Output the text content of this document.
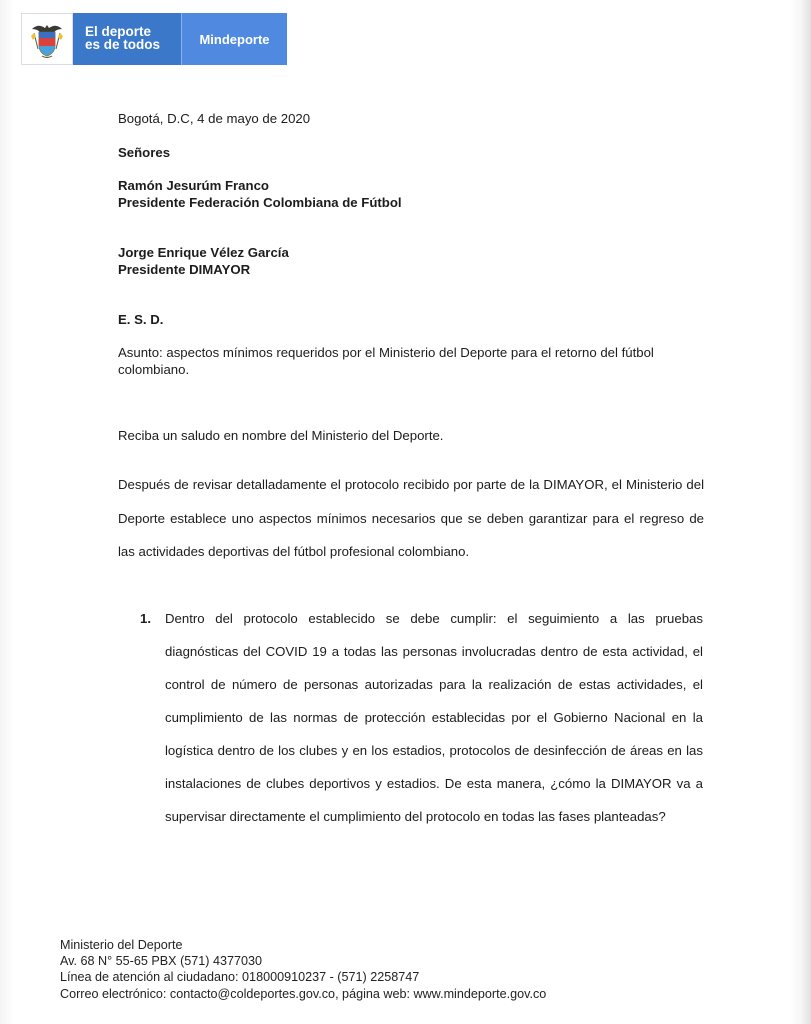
El deporte
es de todos	Mindeporte
Bogotá, D.C, 4 de mayo de 2020
Señores
Ramón Jesurúm Franco
Presidente Federación Colombiana de Fútbol
Jorge Enrique Vélez García
Presidente DIMAYOR
E. S. D.
Asunto: aspectos mínimos requeridos por el Ministerio del Deporte para el retorno del fútbol
colombiano.
Reciba un saludo en nombre del Ministerio del Deporte.
Después de revisar detalladamente el protocolo recibido por parte de la DIMAYOR, el Ministerio del Deporte establece uno aspectos mínimos necesarios que se deben garantizar para el regreso de las actividades deportivas del fútbol profesional colombiano.
1. Dentro del protocolo establecido se debe cumplir: el seguimiento a las pruebas diagnósticas del COVID 19 a todas las personas involucradas dentro de esta actividad, el control de número de personas autorizadas para la realización de estas actividades, el cumplimiento de las normas de protección establecidas por el Gobierno Nacional en la logística dentro de los clubes y en los estadios, protocolos de desinfección de áreas en las instalaciones de clubes deportivos y estadios. De esta manera, ¿cómo la DIMAYOR va a supervisar directamente el cumplimiento del protocolo en todas las fases planteadas?
Ministerio del Deporte
Av. 68 N° 55-65 PBX (571) 4377030
Línea de atención al ciudadano: 018000910237 - (571) 2258747
Correo electrónico: contacto@coldeportes.gov.co, página web: www.mindeporte.gov.co
